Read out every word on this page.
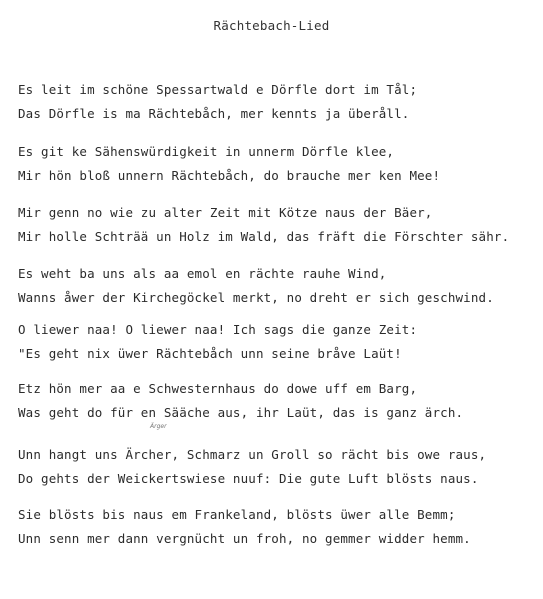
Rächtebach-Lied
Es leit im schöne Spessartwald e Dörfle dort im Tål;
Das Dörfle is ma Rächtebåch, mer kennts ja überåll.
Es git ke Sähenswürdigkeit in unnerm Dörfle klee,
Mir hön bloß unnern Rächtebåch, do brauche mer ken Mee!
Mir genn no wie zu alter Zeit mit Kötze naus der Bäer,
Mir holle Schträä un Holz im Wald, das fräft die Förschter sähr.
Es weht ba uns als aa emol en rächte rauhe Wind,
Wanns åwer der Kirchegöckel merkt, no dreht er sich geschwind.
O liewer naa! O liewer naa! Ich sags die ganze Zeit:
"Es geht nix üwer Rächtebåch unn seine bråve Laüt!
Etz hön mer aa e Schwesternhaus do dowe uff em Barg,
Was geht do für en Sääche aus, ihr Laüt, das is ganz ärch.
Ärger
Unn hangt uns Ärcher, Schmarz un Groll so rächt bis owe raus,
Do gehts der Weickertswiese nuuf: Die gute Luft blösts naus.
Sie blösts bis naus em Frankeland, blösts üwer alle Bemm;
Unn senn mer dann vergnücht un froh, no gemmer widder hemm.
